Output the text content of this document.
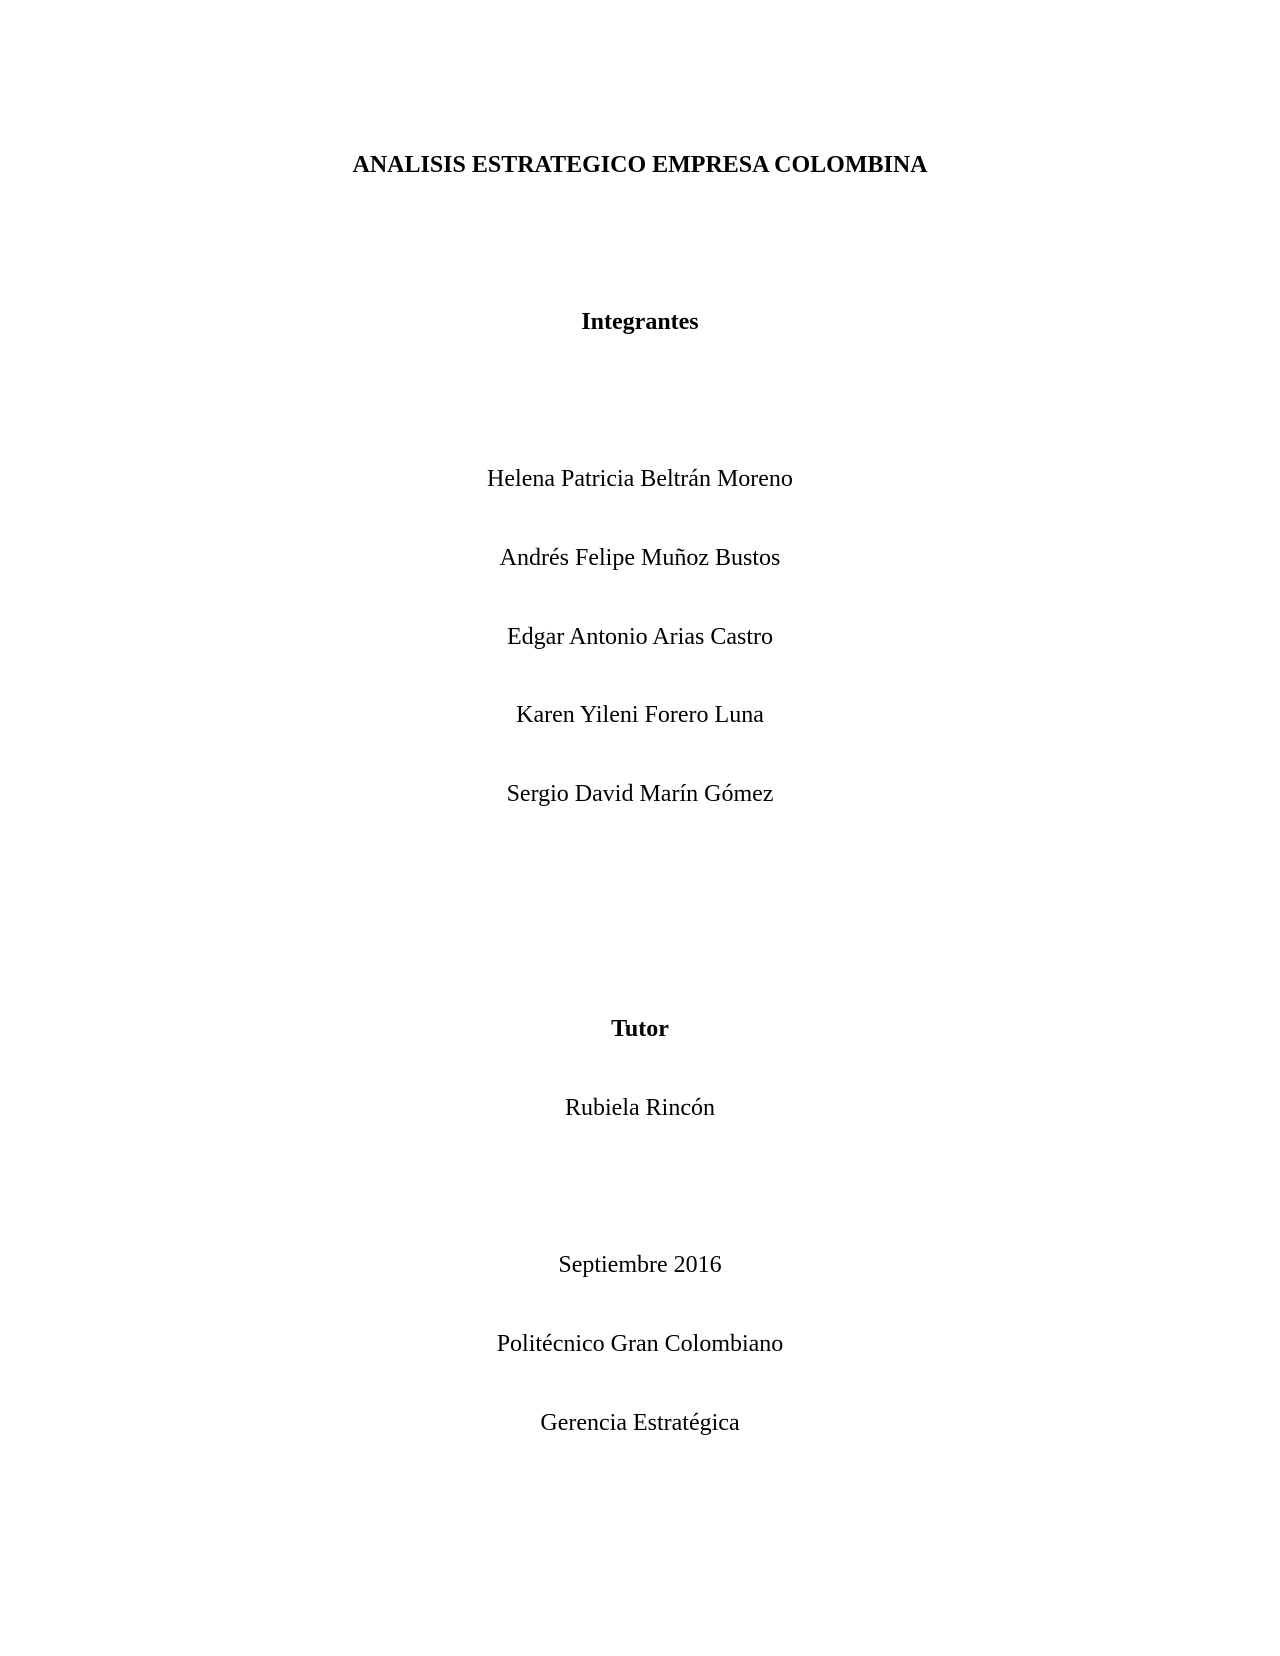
ANALISIS ESTRATEGICO EMPRESA COLOMBINA
Integrantes
Helena Patricia Beltrán Moreno
Andrés Felipe Muñoz Bustos
Edgar Antonio Arias Castro
Karen Yileni Forero Luna
Sergio David Marín Gómez
Tutor
Rubiela Rincón
Septiembre 2016
Politécnico Gran Colombiano
Gerencia Estratégica
